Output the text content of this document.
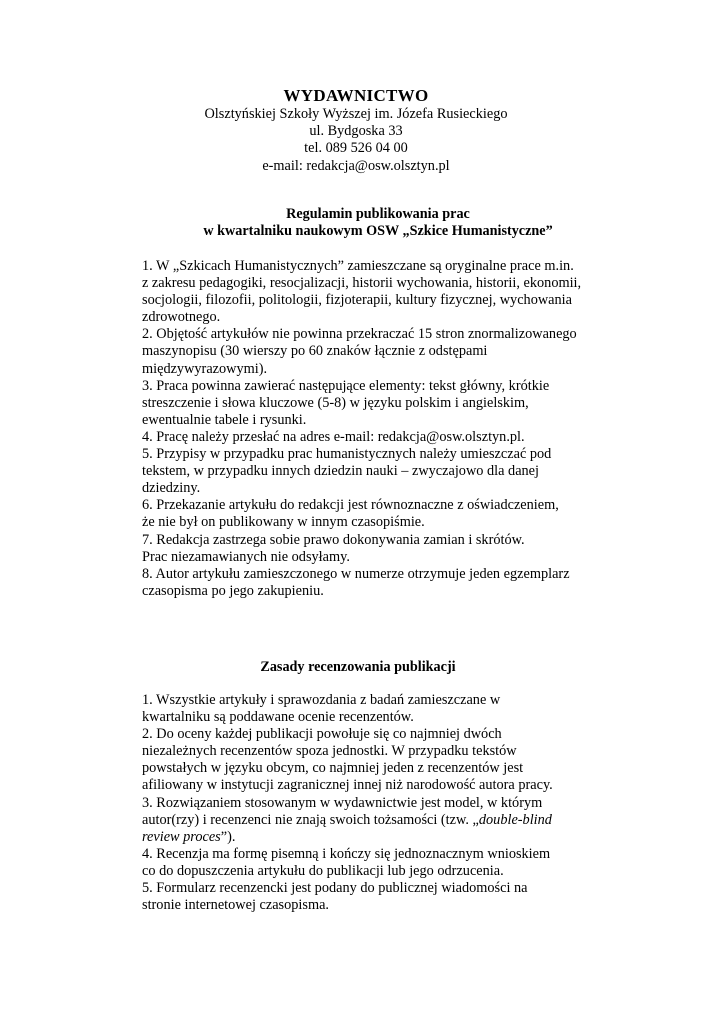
WYDAWNICTWO
Olsztyńskiej Szkoły Wyższej im. Józefa Rusieckiego
ul. Bydgoska 33
tel. 089 526 04 00
e-mail: redakcja@osw.olsztyn.pl
Regulamin publikowania prac
w kwartalniku naukowym OSW „Szkice Humanistyczne”
1. W „Szkicach Humanistycznych” zamieszczane są oryginalne prace m.in.
z zakresu pedagogiki, resocjalizacji, historii wychowania, historii, ekonomii,
socjologii, filozofii, politologii, fizjoterapii, kultury fizycznej, wychowania
zdrowotnego.
2. Objętość artykułów nie powinna przekraczać 15 stron znormalizowanego
maszynopisu (30 wierszy po 60 znaków łącznie z odstępami
międzywyrazowymi).
3. Praca powinna zawierać następujące elementy: tekst główny, krótkie
streszczenie i słowa kluczowe (5-8) w języku polskim i angielskim,
ewentualnie tabele i rysunki.
4. Pracę należy przesłać na adres e-mail: redakcja@osw.olsztyn.pl.
5. Przypisy w przypadku prac humanistycznych należy umieszczać pod
tekstem, w przypadku innych dziedzin nauki – zwyczajowo dla danej
dziedziny.
6. Przekazanie artykułu do redakcji jest równoznaczne z oświadczeniem,
że nie był on publikowany w innym czasopiśmie.
7. Redakcja zastrzega sobie prawo dokonywania zamian i skrótów.
Prac niezamawianych nie odsyłamy.
8. Autor artykułu zamieszczonego w numerze otrzymuje jeden egzemplarz
czasopisma po jego zakupieniu.
Zasady recenzowania publikacji
1. Wszystkie artykuły i sprawozdania z badań zamieszczane w
kwartalniku są poddawane ocenie recenzentów.
2. Do oceny każdej publikacji powołuje się co najmniej dwóch
niezależnych recenzentów spoza jednostki. W przypadku tekstów
powstałych w języku obcym, co najmniej jeden z recenzentów jest
afiliowany w instytucji zagranicznej innej niż narodowość autora pracy.
3. Rozwiązaniem stosowanym w wydawnictwie jest model, w którym
autor(rzy) i recenzenci nie znają swoich tożsamości (tzw. „double-blind
review proces”).
4. Recenzja ma formę pisemną i kończy się jednoznacznym wnioskiem
co do dopuszczenia artykułu do publikacji lub jego odrzucenia.
5. Formularz recenzencki jest podany do publicznej wiadomości na
stronie internetowej czasopisma.
